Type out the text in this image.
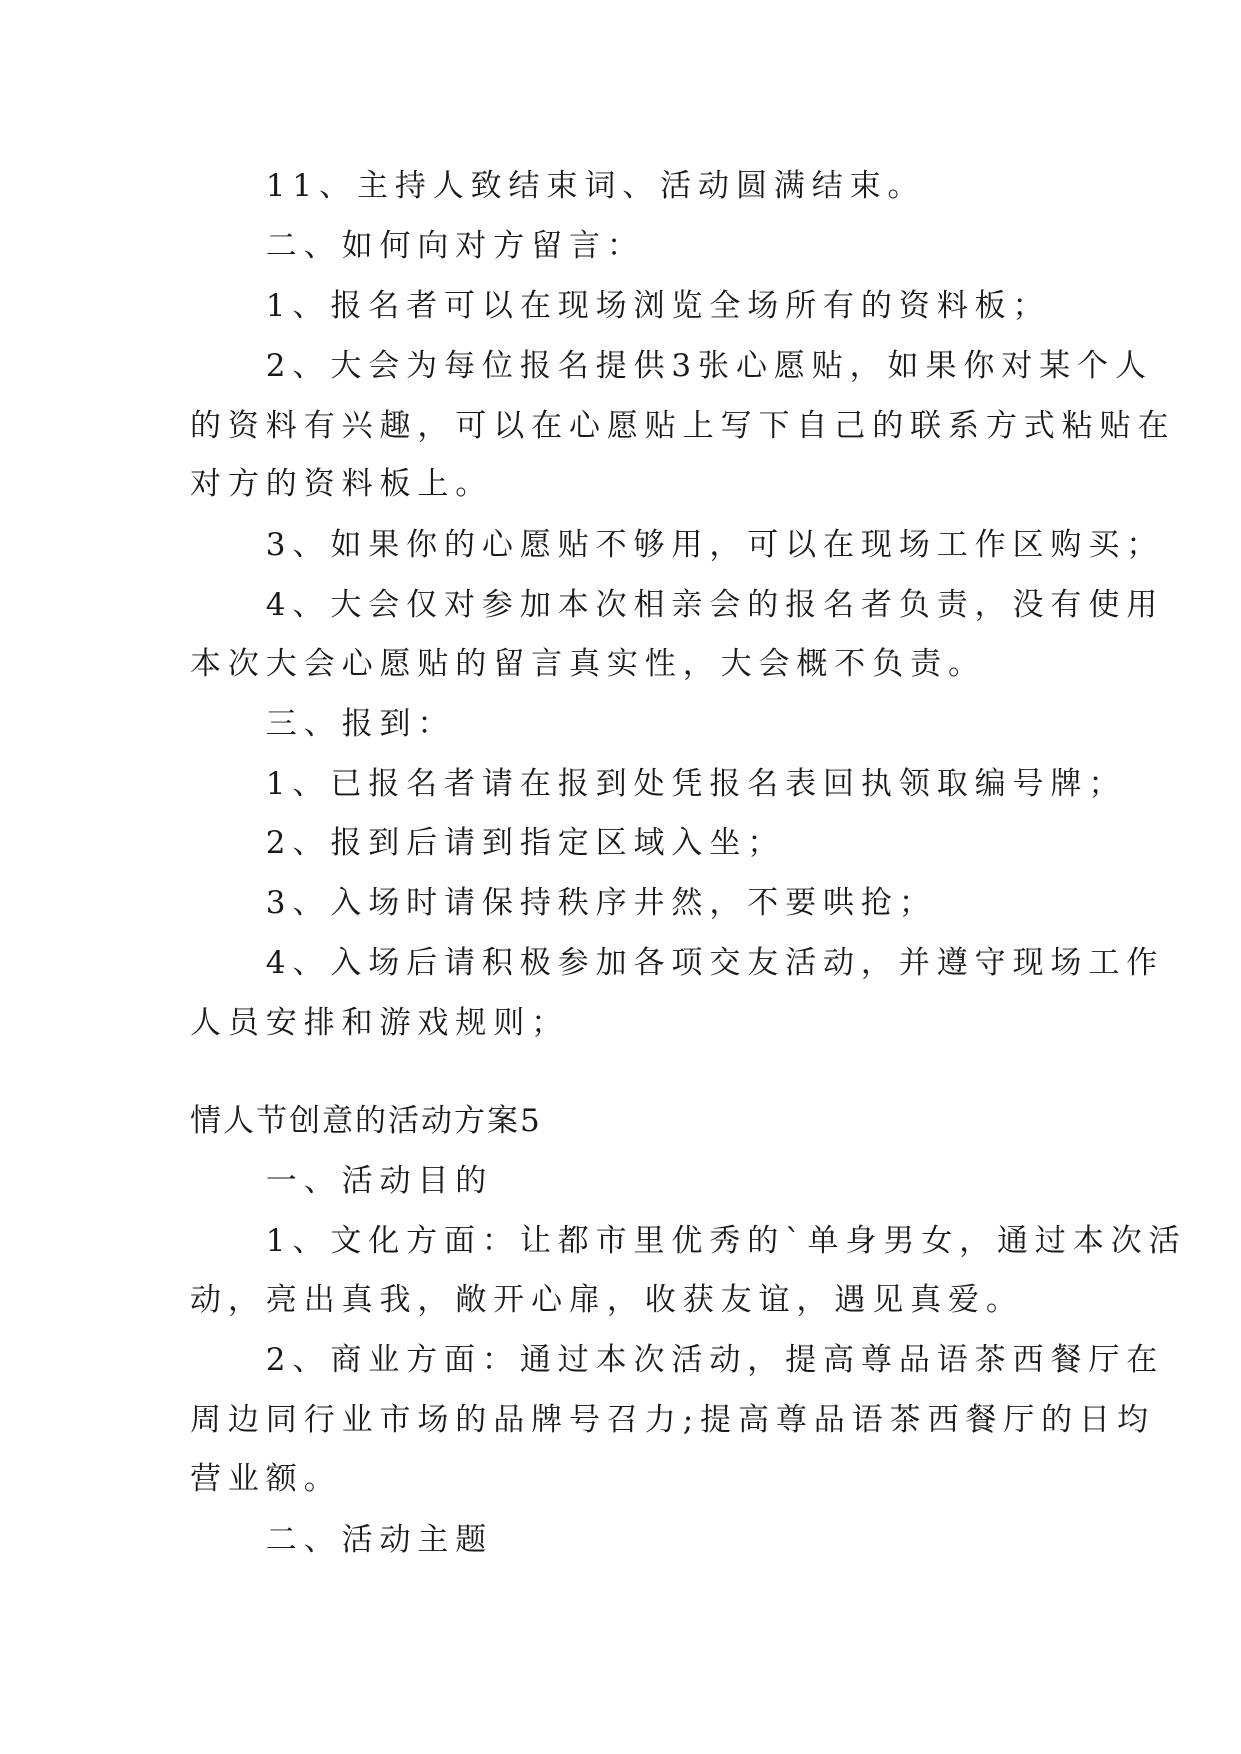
　　11、主持人致结束词、活动圆满结束。
　　二、如何向对方留言：
　　1、报名者可以在现场浏览全场所有的资料板；
　　2、大会为每位报名提供3张心愿贴，如果你对某个人
的资料有兴趣，可以在心愿贴上写下自己的联系方式粘贴在
对方的资料板上。
　　3、如果你的心愿贴不够用，可以在现场工作区购买；
　　4、大会仅对参加本次相亲会的报名者负责，没有使用
本次大会心愿贴的留言真实性，大会概不负责。
　　三、报到：
　　1、已报名者请在报到处凭报名表回执领取编号牌；
　　2、报到后请到指定区域入坐；
　　3、入场时请保持秩序井然，不要哄抢；
　　4、入场后请积极参加各项交友活动，并遵守现场工作
人员安排和游戏规则；
情人节创意的活动方案5
　　一、活动目的
　　1、文化方面：让都市里优秀的`单身男女，通过本次活
动，亮出真我，敞开心扉，收获友谊，遇见真爱。
　　2、商业方面：通过本次活动，提高尊品语茶西餐厅在
周边同行业市场的品牌号召力;提高尊品语茶西餐厅的日均
营业额。
　　二、活动主题
